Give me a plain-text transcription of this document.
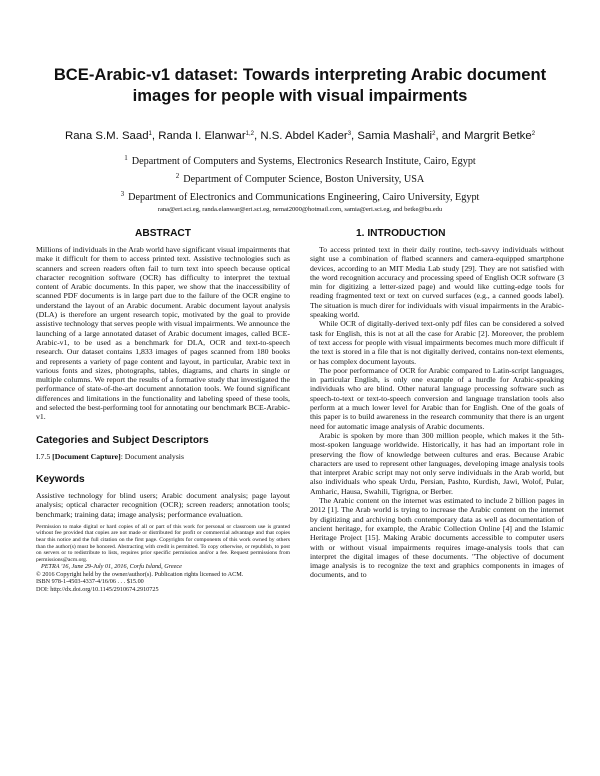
BCE-Arabic-v1 dataset: Towards interpreting Arabic document images for people with visual impairments
Rana S.M. Saad$^1$, Randa I. Elanwar$^{1,2}$, N.S. Abdel Kader$^3$, Samia Mashali$^2$, and Margrit Betke$^2$
$^1$ Department of Computers and Systems, Electronics Research Institute, Cairo, Egypt
$^2$ Department of Computer Science, Boston University, USA
$^3$ Department of Electronics and Communications Engineering, Cairo University, Egypt
rana@eri.sci.eg, randa.elanwar@eri.sci.eg, nemat2000@hotmail.com, samia@eri.sci.eg, and betke@bu.edu
ABSTRACT

Millions of individuals in the Arab world have significant visual impairments that make it difficult for them to access printed text. Assistive technologies such as scanners and screen readers often fail to turn text into speech because optical character recognition software (OCR) has difficulty to interpret the textual content of Arabic documents. In this paper, we show that the inaccessibility of scanned PDF documents is in large part due to the failure of the OCR engine to understand the layout of an Arabic document. Arabic document layout analysis (DLA) is therefore an urgent research topic, motivated by the goal to provide assistive technology that serves people with visual impairments. We announce the launching of a large annotated dataset of Arabic document images, called BCE-Arabic-v1, to be used as a benchmark for DLA, OCR and text-to-speech research. Our dataset contains 1,833 images of pages scanned from 180 books and represents a variety of page content and layout, in particular, Arabic text in various fonts and sizes, photographs, tables, diagrams, and charts in single or multiple columns. We report the results of a formative study that investigated the performance of state-of-the-art document annotation tools. We found significant differences and limitations in the functionality and labeling speed of these tools, and selected the best-performing tool for annotating our benchmark BCE-Arabic-v1.

Categories and Subject Descriptors

I.7.5 [Document Capture]: Document analysis

Keywords

Assistive technology for blind users; Arabic document analysis; page layout analysis; optical character recognition (OCR); screen readers; annotation tools; benchmark; training data; image analysis; performance evaluation.

Permission to make digital or hard copies of all or part of this work for personal or classroom use is granted without fee provided that copies are not made or distributed for profit or commercial advantage and that copies bear this notice and the full citation on the first page. Copyrights for components of this work owned by others than the author(s) must be honored. Abstracting with credit is permitted. To copy otherwise, or republish, to post on servers or to redistribute to lists, requires prior specific permission and/or a fee. Request permissions from permissions@acm.org.

PETRA '16, June 29-July 01, 2016, Corfu Island, Greece

© 2016 Copyright held by the owner/author(s). Publication rights licensed to ACM.

ISBN 978-1-4503-4337-4/16/06 . . . $15.00

DOI: http://dx.doi.org/10.1145/2910674.2910725

1. INTRODUCTION

To access printed text in their daily routine, tech-savvy individuals without sight use a combination of flatbed scanners and camera-equipped smartphone devices, according to an MIT Media Lab study [29]. They are not satisfied with the word recognition accuracy and processing speed of English OCR software (3 min for digitizing a letter-sized page) and would like cutting-edge tools for reading fragmented text or text on curved surfaces (e.g., a canned goods label). The situation is much direr for individuals with visual impairments in the Arabic-speaking world.

While OCR of digitally-derived text-only pdf files can be considered a solved task for English, this is not at all the case for Arabic [2]. Moreover, the problem of text access for people with visual impairments becomes much more difficult if the text is stored in a file that is not digitally derived, contains non-text elements, or has complex document layouts.

The poor performance of OCR for Arabic compared to Latin-script languages, in particular English, is only one example of a hurdle for Arabic-speaking individuals who are blind. Other natural language processing software such as speech-to-text or text-to-speech conversion and language translation tools also perform at a much lower level for Arabic than for English. One of the goals of this paper is to build awareness in the research community that there is an urgent need for automatic image analysis of Arabic documents.

Arabic is spoken by more than 300 million people, which makes it the 5th-most-spoken language worldwide. Historically, it has had an important role in preserving the flow of knowledge between cultures and eras. Because Arabic characters are used to represent other languages, developing image analysis tools that interpret Arabic script may not only serve individuals in the Arab world, but also individuals who speak Urdu, Persian, Pashto, Kurdish, Jawi, Wolof, Pular, Amharic, Hausa, Swahili, Tigrigna, or Berber.

The Arabic content on the internet was estimated to include 2 billion pages in 2012 [1]. The Arab world is trying to increase the Arabic content on the internet by digitizing and archiving both contemporary data as well as documentation of ancient heritage, for example, the Arabic Collection Online [4] and the Islamic Heritage Project [15]. Making Arabic documents accessible to computer users with or without visual impairments requires image-analysis tools that can interpret the digital images of these documents. "The objective of document image analysis is to recognize the text and graphics components in images of documents, and to
